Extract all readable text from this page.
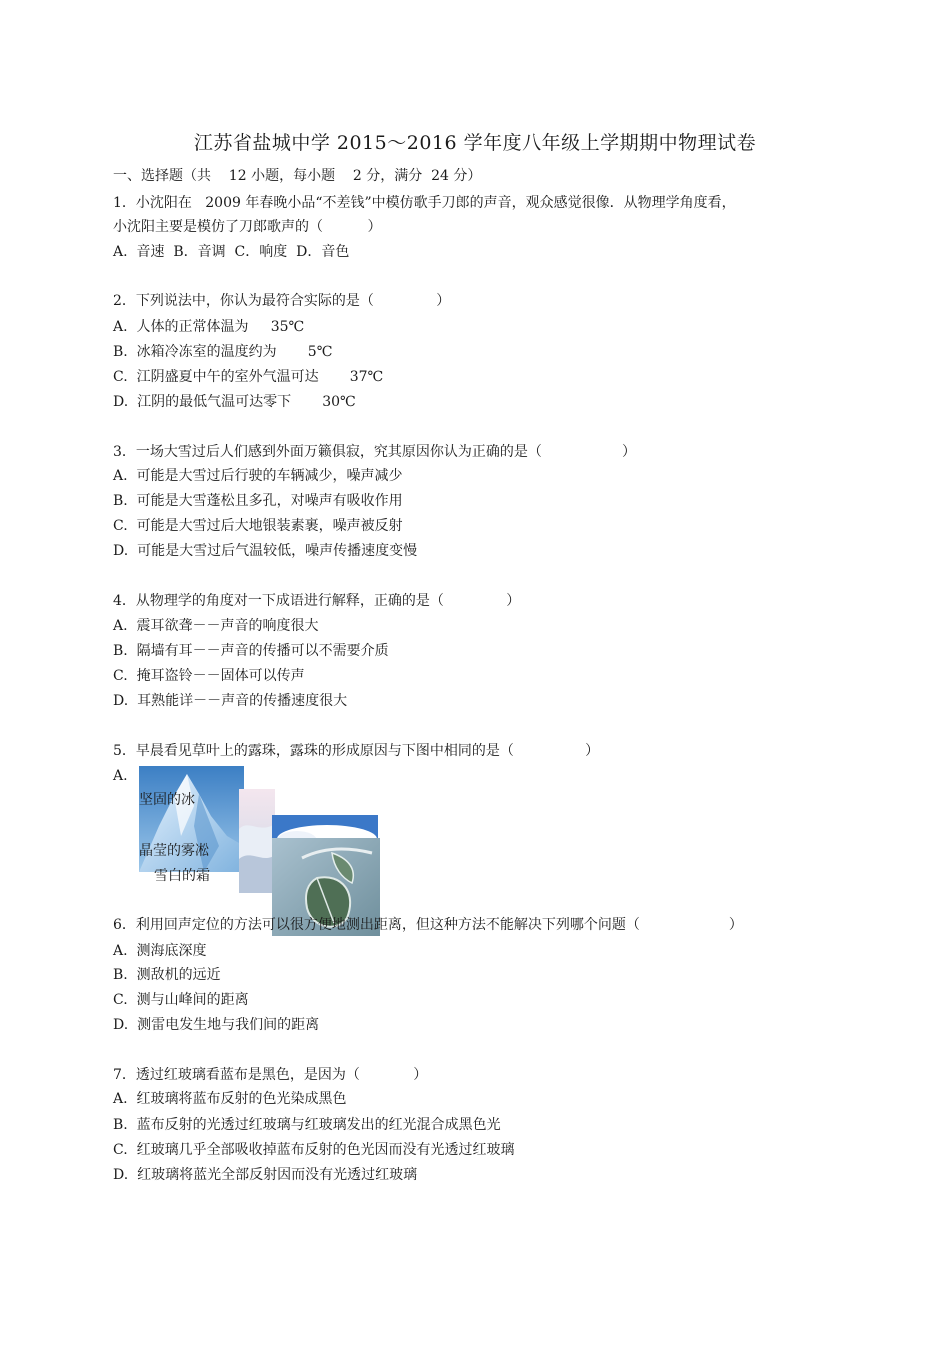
江苏省盐城中学 2015～2016 学年度八年级上学期期中物理试卷
一、选择题（共    12 小题，每小题    2 分，满分  24 分）
1．小沈阳在   2009 年春晚小品“不差钱”中模仿歌手刀郎的声音，观众感觉很像．从物理学角度看，
小沈阳主要是模仿了刀郎歌声的（          ）
A.  音速  B．音调  C．响度  D．音色
2．下列说法中，你认为最符合实际的是（              ）
A.  人体的正常体温为     35℃
B.  冰箱冷冻室的温度约为       5℃
C.  江阴盛夏中午的室外气温可达       37℃
D.  江阴的最低气温可达零下       30℃
3．一场大雪过后人们感到外面万籁俱寂，究其原因你认为正确的是（                  ）
A.  可能是大雪过后行驶的车辆减少，噪声减少
B.  可能是大雪蓬松且多孔，对噪声有吸收作用
C.  可能是大雪过后大地银装素裹，噪声被反射
D.  可能是大雪过后气温较低，噪声传播速度变慢
4．从物理学的角度对一下成语进行解释，正确的是（              ）
A.  震耳欲聋－－声音的响度很大
B.  隔墙有耳－－声音的传播可以不需要介质
C.  掩耳盗铃－－固体可以传声
D.  耳熟能详－－声音的传播速度很大
5．早晨看见草叶上的露珠，露珠的形成原因与下图中相同的是（                ）
A.
坚固的冰
晶莹的雾凇
雪白的霜
6．利用回声定位的方法可以很方便地测出距离，但这种方法不能解决下列哪个问题（                    ）
A.  测海底深度
B.  测敌机的远近
C.  测与山峰间的距离
D.  测雷电发生地与我们间的距离
7．透过红玻璃看蓝布是黑色，是因为（            ）
A.  红玻璃将蓝布反射的色光染成黑色
B.  蓝布反射的光透过红玻璃与红玻璃发出的红光混合成黑色光
C.  红玻璃几乎全部吸收掉蓝布反射的色光因而没有光透过红玻璃
D.  红玻璃将蓝光全部反射因而没有光透过红玻璃
